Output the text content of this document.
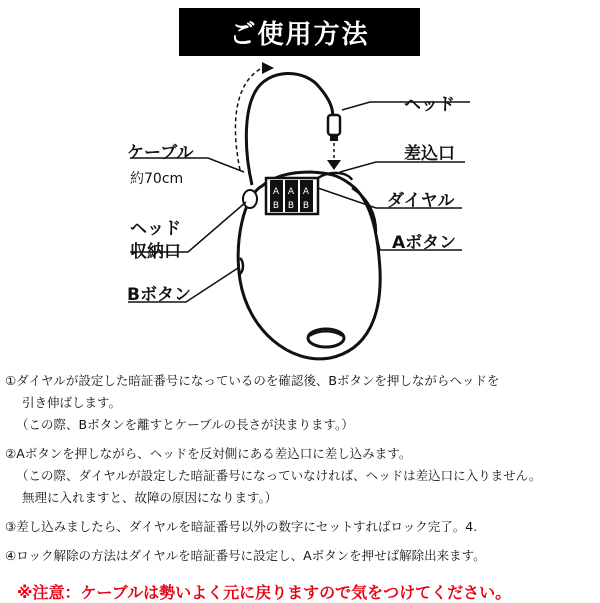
ご使用方法
A A A
B B B
ヘッド
差込口
ダイヤル
Aボタン
ケーブル
約70cm
ヘッド
収納口
Bボタン

①ダイヤルが設定した暗証番号になっているのを確認後、Bボタンを押しながらヘッドを

引き伸ばします。

（この際、Bボタンを離すとケーブルの長さが決まります。）

②Aボタンを押しながら、ヘッドを反対側にある差込口に差し込みます。

（この際、ダイヤルが設定した暗証番号になっていなければ、ヘッドは差込口に入りません。

無理に入れますと、故障の原因になります。）

③差し込みましたら、ダイヤルを暗証番号以外の数字にセットすればロック完了。4.

④ロック解除の方法はダイヤルを暗証番号に設定し、Aボタンを押せば解除出来ます。

※注意：ケーブルは勢いよく元に戻りますので気をつけてください。
